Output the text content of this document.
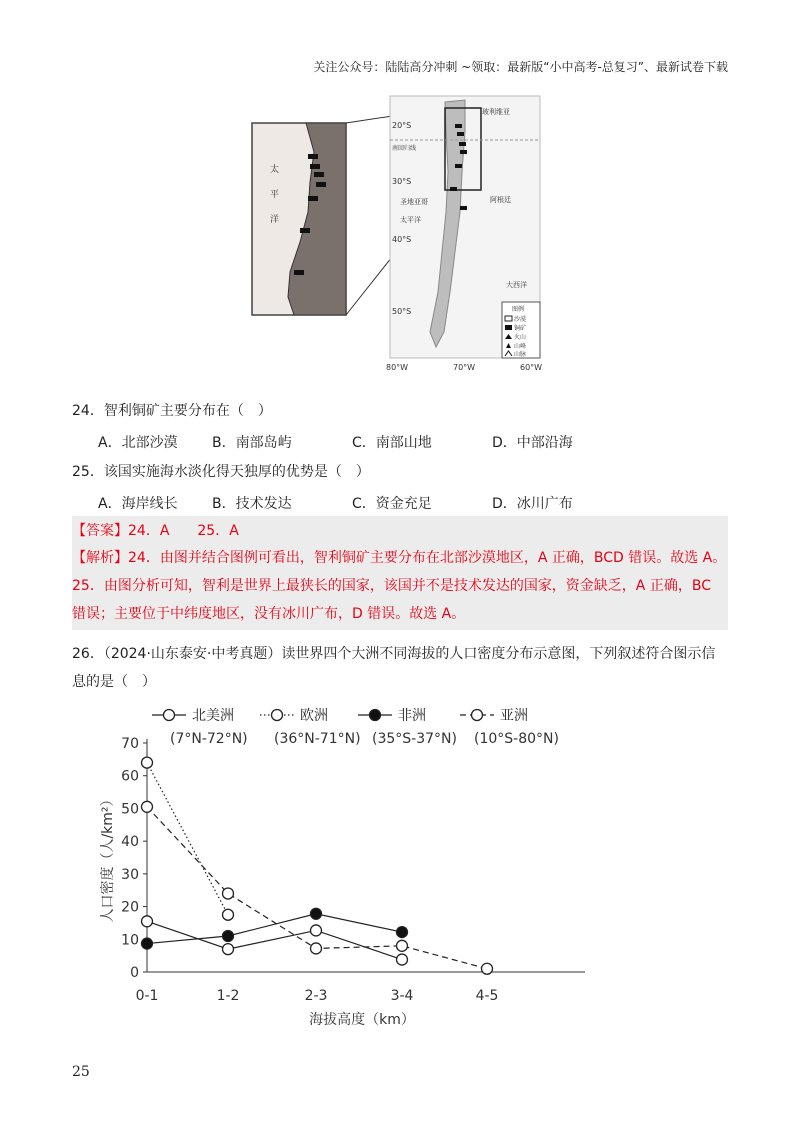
关注公众号：陆陆高分冲刺 ~领取：最新版“小中高考-总复习”、最新试卷下载
太
平
洋
20°S
30°S
40°S
50°S
80°W	70°W	60°W
玻利维亚
南回归线
圣地亚哥	阿根廷
太平洋
大西洋
图例
沙漠
铜矿
火山
山峰
山脉
24．智利铜矿主要分布在（　）
A．北部沙漠 B．南部岛屿	C．南部山地	D．中部沿海
25．该国实施海水淡化得天独厚的优势是（　）
A．海岸线长 B．技术发达	C．资金充足	D．冰川广布
【答案】24．A　　25．A
【解析】24．由图并结合图例可看出，智利铜矿主要分布在北部沙漠地区，A 正确，BCD 错误。故选 A。
25．由图分析可知，智利是世界上最狭长的国家，该国并不是技术发达的国家，资金缺乏，A 正确，BC 错误；主要位于中纬度地区，没有冰川广布，D 错误。故选 A。
26．（2024·山东泰安·中考真题）读世界四个大洲不同海拔的人口密度分布示意图，下列叙述符合图示信
息的是（　）
北美洲
(7°N-72°N)
欧洲
(36°N-71°N)
非洲
(35°S-37°N)
亚洲
(10°S-80°N)
0
10
20
30
40
50
60
70
0-1	1-2	2-3	3-4	4-5
海拔高度（km）
人口密度（人/km²）
25
